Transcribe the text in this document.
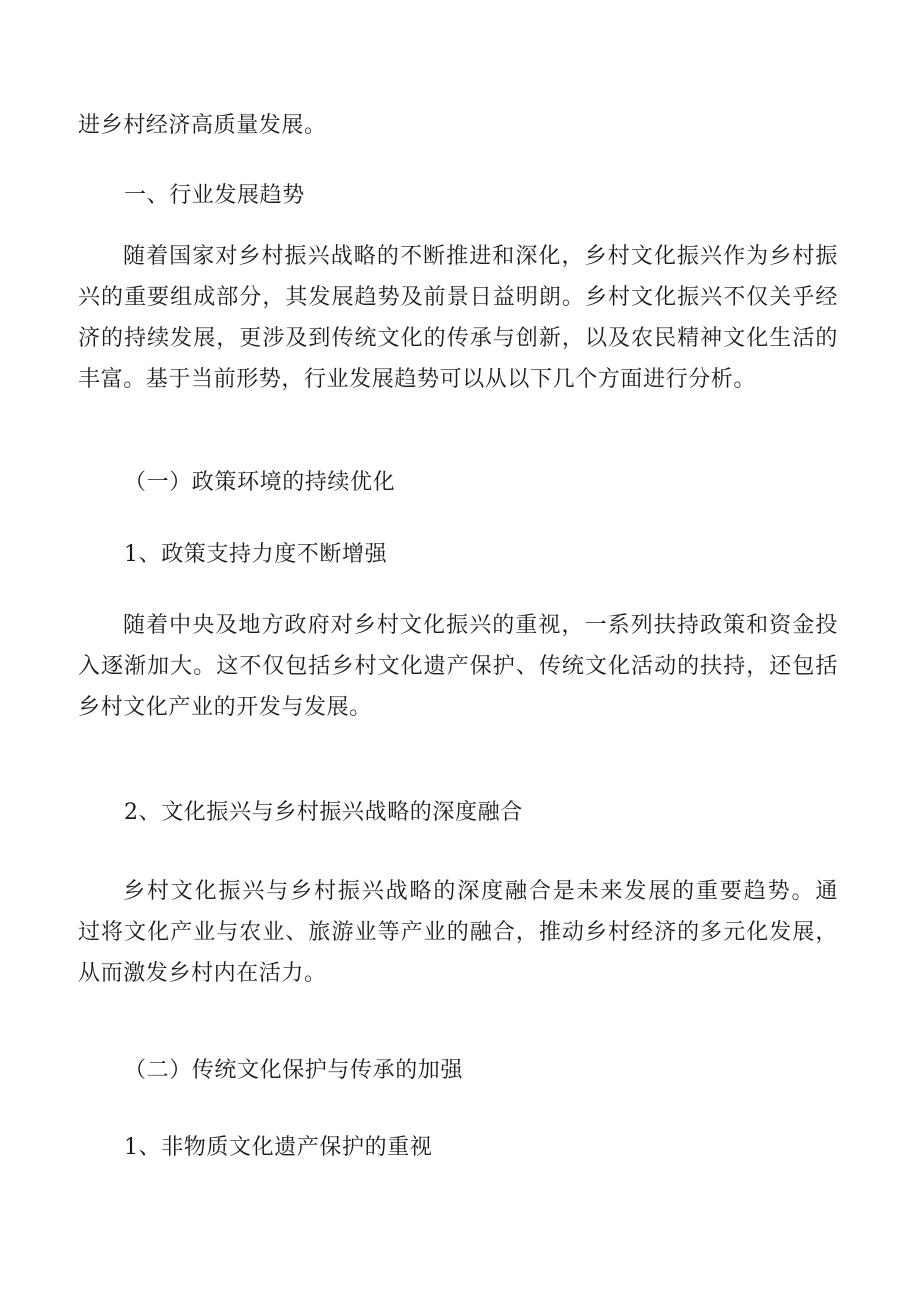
进乡村经济高质量发展。

一、行业发展趋势

随着国家对乡村振兴战略的不断推进和深化，乡村文化振兴作为乡村振
兴的重要组成部分，其发展趋势及前景日益明朗。乡村文化振兴不仅关乎经
济的持续发展，更涉及到传统文化的传承与创新，以及农民精神文化生活的
丰富。基于当前形势，行业发展趋势可以从以下几个方面进行分析。

（一）政策环境的持续优化

1、政策支持力度不断增强

随着中央及地方政府对乡村文化振兴的重视，一系列扶持政策和资金投
入逐渐加大。这不仅包括乡村文化遗产保护、传统文化活动的扶持，还包括
乡村文化产业的开发与发展。

2、文化振兴与乡村振兴战略的深度融合

乡村文化振兴与乡村振兴战略的深度融合是未来发展的重要趋势。通
过将文化产业与农业、旅游业等产业的融合，推动乡村经济的多元化发展，
从而激发乡村内在活力。

（二）传统文化保护与传承的加强

1、非物质文化遗产保护的重视
